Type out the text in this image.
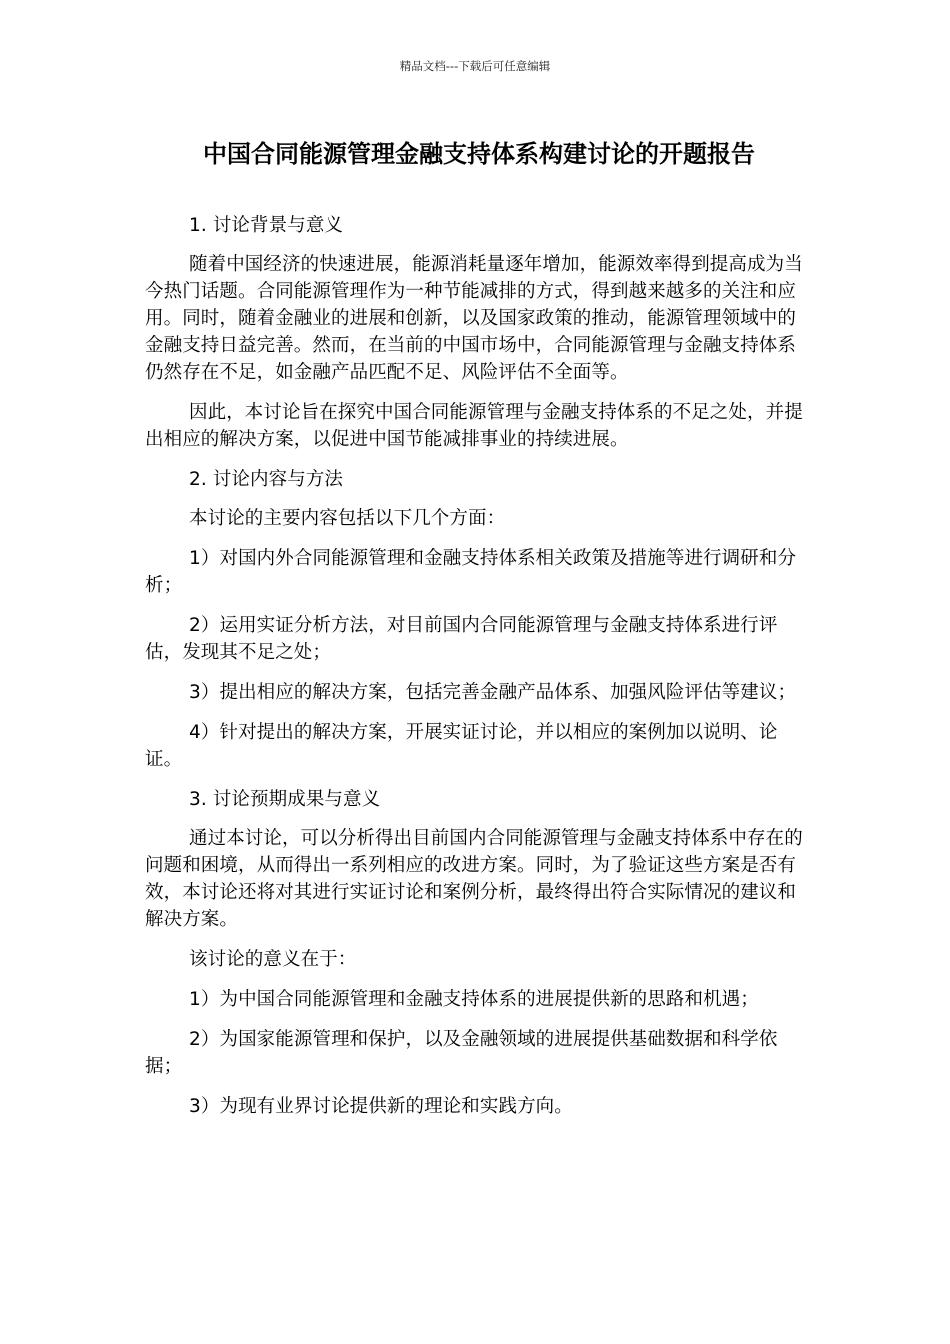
精品文档---下载后可任意编辑
中国合同能源管理金融支持体系构建讨论的开题报告
1. 讨论背景与意义
随着中国经济的快速进展，能源消耗量逐年增加，能源效率得到提高成为当今热门话题。合同能源管理作为一种节能减排的方式，得到越来越多的关注和应用。同时，随着金融业的进展和创新，以及国家政策的推动，能源管理领域中的金融支持日益完善。然而，在当前的中国市场中，合同能源管理与金融支持体系仍然存在不足，如金融产品匹配不足、风险评估不全面等。
因此，本讨论旨在探究中国合同能源管理与金融支持体系的不足之处，并提出相应的解决方案，以促进中国节能减排事业的持续进展。
2. 讨论内容与方法
本讨论的主要内容包括以下几个方面：
1）对国内外合同能源管理和金融支持体系相关政策及措施等进行调研和分析；
2）运用实证分析方法，对目前国内合同能源管理与金融支持体系进行评估，发现其不足之处；
3）提出相应的解决方案，包括完善金融产品体系、加强风险评估等建议；
4）针对提出的解决方案，开展实证讨论，并以相应的案例加以说明、论证。
3. 讨论预期成果与意义
通过本讨论，可以分析得出目前国内合同能源管理与金融支持体系中存在的问题和困境，从而得出一系列相应的改进方案。同时，为了验证这些方案是否有效，本讨论还将对其进行实证讨论和案例分析，最终得出符合实际情况的建议和解决方案。
该讨论的意义在于：
1）为中国合同能源管理和金融支持体系的进展提供新的思路和机遇；
2）为国家能源管理和保护，以及金融领域的进展提供基础数据和科学依据；
3）为现有业界讨论提供新的理论和实践方向。
